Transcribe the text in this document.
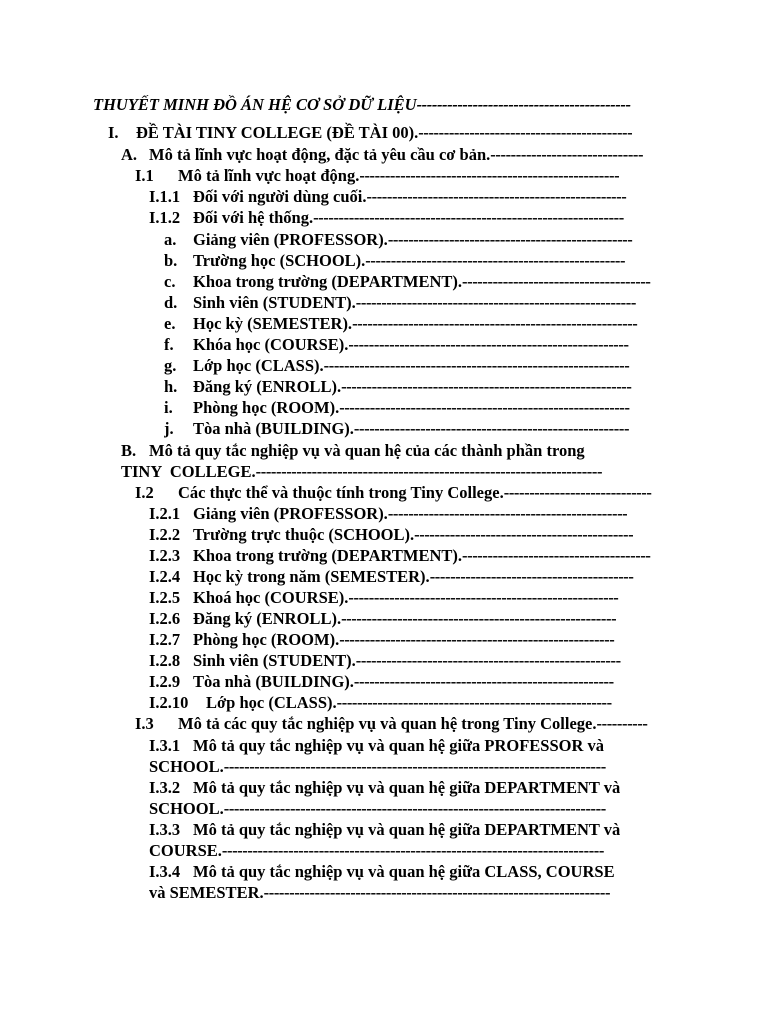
THUYẾT MINH ĐỒ ÁN HỆ CƠ SỞ DỮ LIỆU------------------------------------------
I. ĐỀ TÀI TINY COLLEGE (ĐỀ TÀI 00).------------------------------------------
A. Mô tả lĩnh vực hoạt động, đặc tả yêu cầu cơ bản.------------------------------
I.1 Mô tả lĩnh vực hoạt động.---------------------------------------------------
I.1.1 Đối với người dùng cuối.---------------------------------------------------
I.1.2 Đối với hệ thống.-------------------------------------------------------------
a. Giảng viên (PROFESSOR).------------------------------------------------
b. Trường học (SCHOOL).---------------------------------------------------
c. Khoa trong trường (DEPARTMENT).-------------------------------------
d. Sinh viên (STUDENT).-------------------------------------------------------
e. Học kỳ (SEMESTER).--------------------------------------------------------
f. Khóa học (COURSE).-------------------------------------------------------
g. Lớp học (CLASS).------------------------------------------------------------
h. Đăng ký (ENROLL).---------------------------------------------------------
i. Phòng học (ROOM).---------------------------------------------------------
j. Tòa nhà (BUILDING).------------------------------------------------------
B. Mô tả quy tắc nghiệp vụ và quan hệ của các thành phần trong
TINY  COLLEGE.--------------------------------------------------------------------
I.2 Các thực thể và thuộc tính trong Tiny College.-----------------------------
I.2.1 Giảng viên (PROFESSOR).-----------------------------------------------
I.2.2 Trường trực thuộc (SCHOOL).-------------------------------------------
I.2.3 Khoa trong trường (DEPARTMENT).-------------------------------------
I.2.4 Học kỳ trong năm (SEMESTER).----------------------------------------
I.2.5 Khoá học (COURSE).-----------------------------------------------------
I.2.6 Đăng ký (ENROLL).------------------------------------------------------
I.2.7 Phòng học (ROOM).------------------------------------------------------
I.2.8 Sinh viên (STUDENT).----------------------------------------------------
I.2.9 Tòa nhà (BUILDING).---------------------------------------------------
I.2.10 Lớp học (CLASS).------------------------------------------------------
I.3 Mô tả các quy tắc nghiệp vụ và quan hệ trong Tiny College.----------
I.3.1 Mô tả quy tắc nghiệp vụ và quan hệ giữa PROFESSOR và
SCHOOL.---------------------------------------------------------------------------
I.3.2 Mô tả quy tắc nghiệp vụ và quan hệ giữa DEPARTMENT và
SCHOOL.---------------------------------------------------------------------------
I.3.3 Mô tả quy tắc nghiệp vụ và quan hệ giữa DEPARTMENT và
COURSE.---------------------------------------------------------------------------
I.3.4 Mô tả quy tắc nghiệp vụ và quan hệ giữa CLASS, COURSE
và SEMESTER.--------------------------------------------------------------------
